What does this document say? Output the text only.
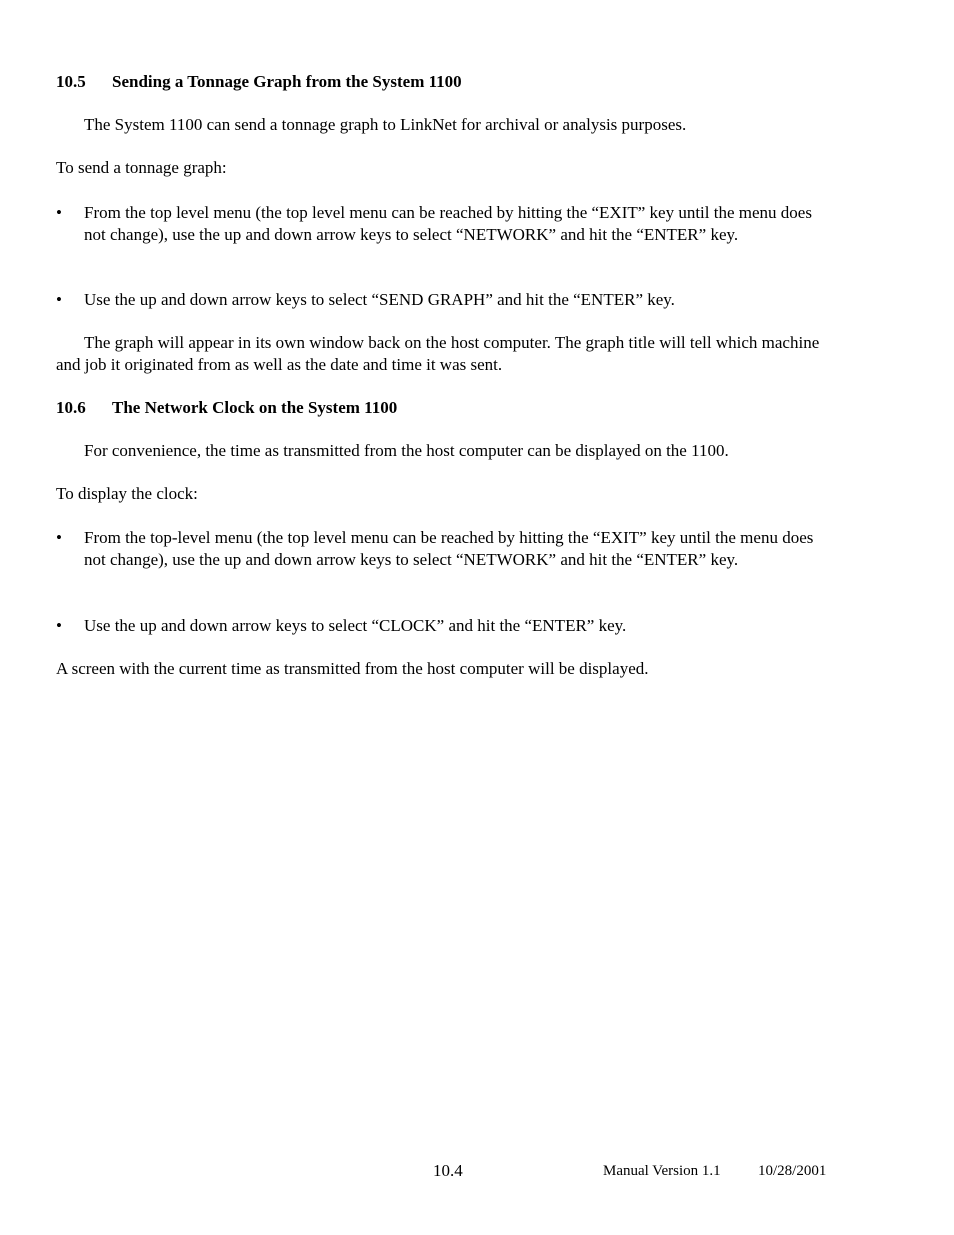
10.5 Sending a Tonnage Graph from the System 1100
The System 1100 can send a tonnage graph to LinkNet for archival or analysis purposes.
To send a tonnage graph:
•	From the top level menu (the top level menu can be reached by hitting the “EXIT” key until the menu does not change), use the up and down arrow keys to select “NETWORK” and hit the “ENTER” key.
•	Use the up and down arrow keys to select “SEND GRAPH” and hit the “ENTER” key.
The graph will appear in its own window back on the host computer. The graph title will tell which machine and job it originated from as well as the date and time it was sent.
10.6 The Network Clock on the System 1100
For convenience, the time as transmitted from the host computer can be displayed on the 1100.
To display the clock:
•	From the top-level menu (the top level menu can be reached by hitting the “EXIT” key until the menu does not change), use the up and down arrow keys to select “NETWORK” and hit the “ENTER” key.
•	Use the up and down arrow keys to select “CLOCK” and hit the “ENTER” key.
A screen with the current time as transmitted from the host computer will be displayed.
10.4	Manual Version 1.1 10/28/2001
